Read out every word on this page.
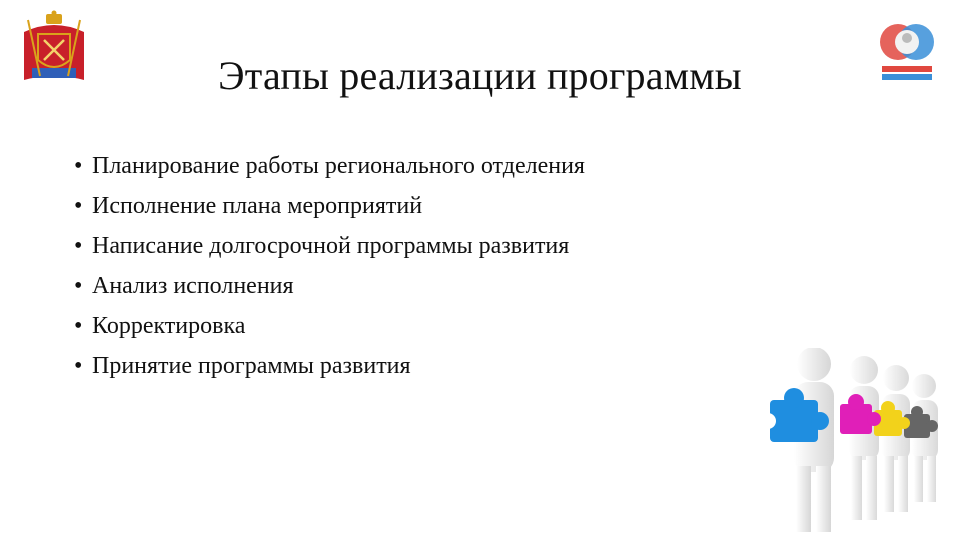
Этапы реализации программы
• Планирование работы регионального отделения
• Исполнение плана мероприятий
• Написание долгосрочной программы развития
• Анализ исполнения
• Корректировка
• Принятие программы развития
